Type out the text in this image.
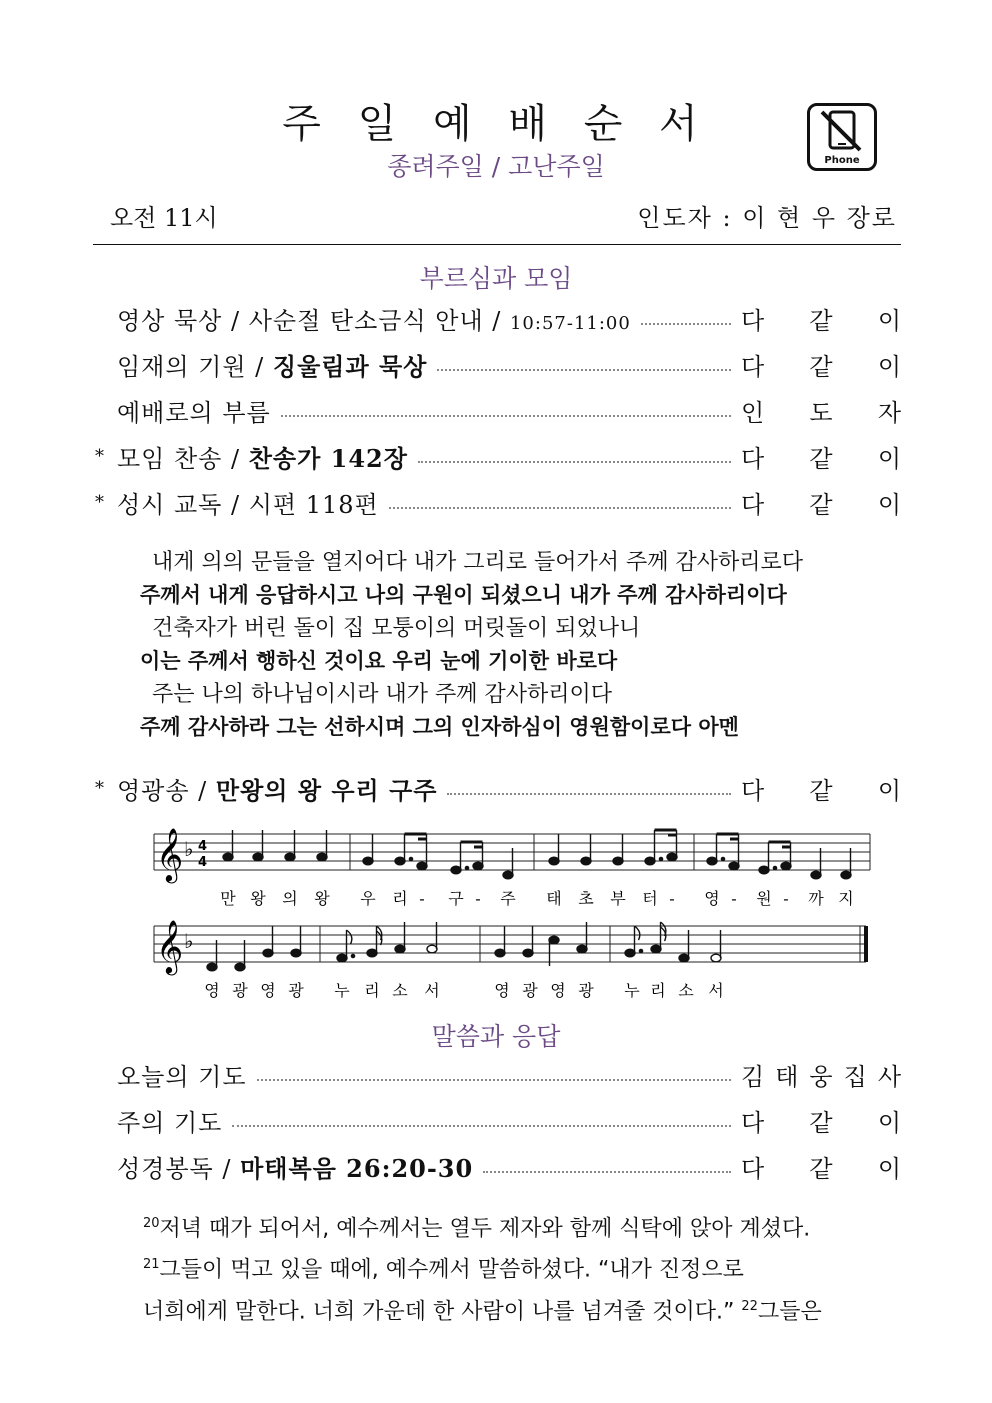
주 일 예 배 순 서
종려주일 / 고난주일	Phone
오전 11시	인도자 : 이 현 우 장로
부르심과 모임
영상 묵상 / 사순절 탄소금식 안내 / 10:57-11:00	다 같 이
임재의 기원 / 징울림과 묵상	다 같 이
예배로의 부름	인 도 자
* 모임 찬송 / 찬송가 142장	다 같 이
* 성시 교독 / 시편 118편	다 같 이
내게 의의 문들을 열지어다 내가 그리로 들어가서 주께 감사하리로다
주께서 내게 응답하시고 나의 구원이 되셨으니 내가 주께 감사하리이다
건축자가 버린 돌이 집 모퉁이의 머릿돌이 되었나니
이는 주께서 행하신 것이요 우리 눈에 기이한 바로다
주는 나의 하나님이시라 내가 주께 감사하리이다
주께 감사하라 그는 선하시며 그의 인자하심이 영원함이로다 아멘
* 영광송 / 만왕의 왕 우리 구주	다 같 이
𝄞 ♭ 4
4
만 왕 의 왕 우 리 - 구 - 주 태 초 부 터 - 영 - 원 - 까 지
𝄞 ♭
영 광 영 광 누 리 소 서	영 광 영 광 누 리 소 서
말씀과 응답
오늘의 기도	김 태 웅 집 사
주의 기도	다 같 이
성경봉독 / 마태복음 26:20-30	다 같 이
$^{20}$저녁 때가 되어서, 예수께서는 열두 제자와 함께 식탁에 앉아 계셨다.
$^{21}$그들이 먹고 있을 때에, 예수께서 말씀하셨다. “내가 진정으로
너희에게 말한다. 너희 가운데 한 사람이 나를 넘겨줄 것이다.” $^{22}$그들은
